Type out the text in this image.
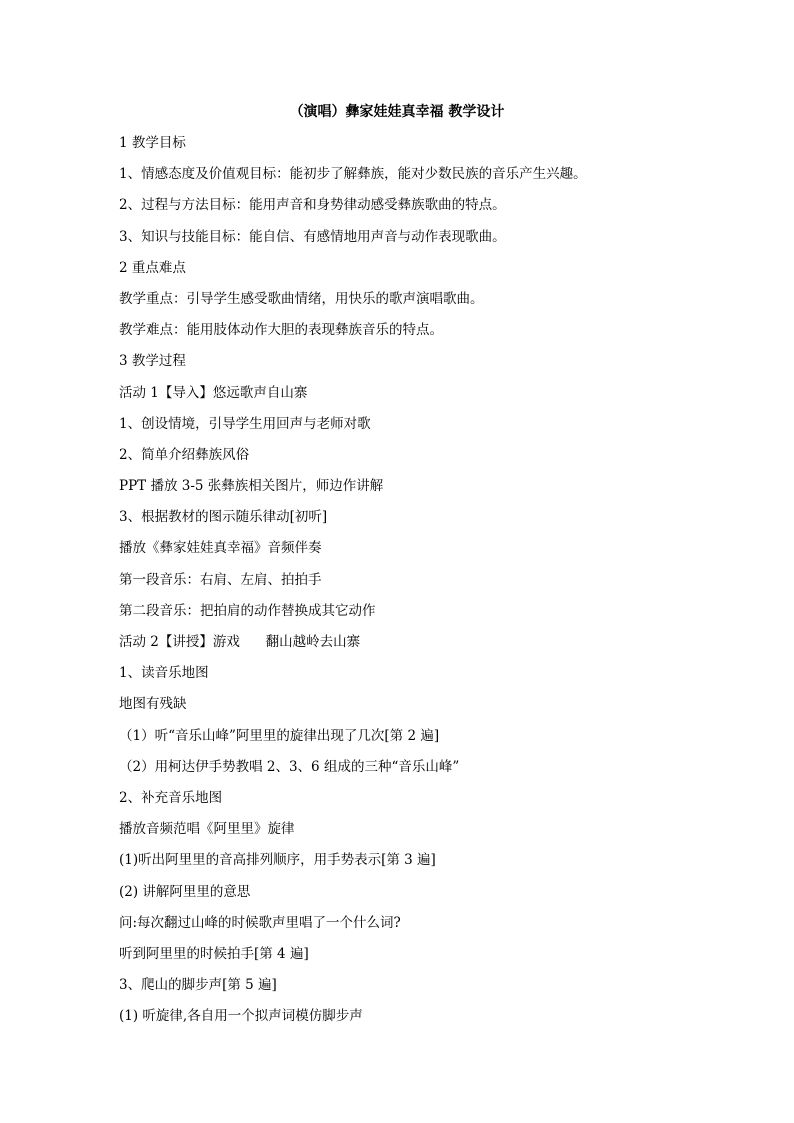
（演唱）彝家娃娃真幸福 教学设计
1 教学目标
1、情感态度及价值观目标：能初步了解彝族，能对少数民族的音乐产生兴趣。
2、过程与方法目标：能用声音和身势律动感受彝族歌曲的特点。
3、知识与技能目标：能自信、有感情地用声音与动作表现歌曲。
2 重点难点
教学重点：引导学生感受歌曲情绪，用快乐的歌声演唱歌曲。
教学难点：能用肢体动作大胆的表现彝族音乐的特点。
3 教学过程
活动 1【导入】悠远歌声自山寨
1、创设情境，引导学生用回声与老师对歌
2、简单介绍彝族风俗
PPT 播放 3-5 张彝族相关图片，师边作讲解
3、根据教材的图示随乐律动[初听]
播放《彝家娃娃真幸福》音频伴奏
第一段音乐：右肩、左肩、拍拍手
第二段音乐：把拍肩的动作替换成其它动作
活动 2【讲授】游戏      翻山越岭去山寨
1、读音乐地图
地图有残缺
（1）听“音乐山峰”阿里里的旋律出现了几次[第 2 遍]
（2）用柯达伊手势教唱 2、3、6 组成的三种“音乐山峰”
2、补充音乐地图
播放音频范唱《阿里里》旋律
(1)听出阿里里的音高排列顺序，用手势表示[第 3 遍]
(2) 讲解阿里里的意思
问:每次翻过山峰的时候歌声里唱了一个什么词?
听到阿里里的时候拍手[第 4 遍]
3、爬山的脚步声[第 5 遍]
(1) 听旋律,各自用一个拟声词模仿脚步声
